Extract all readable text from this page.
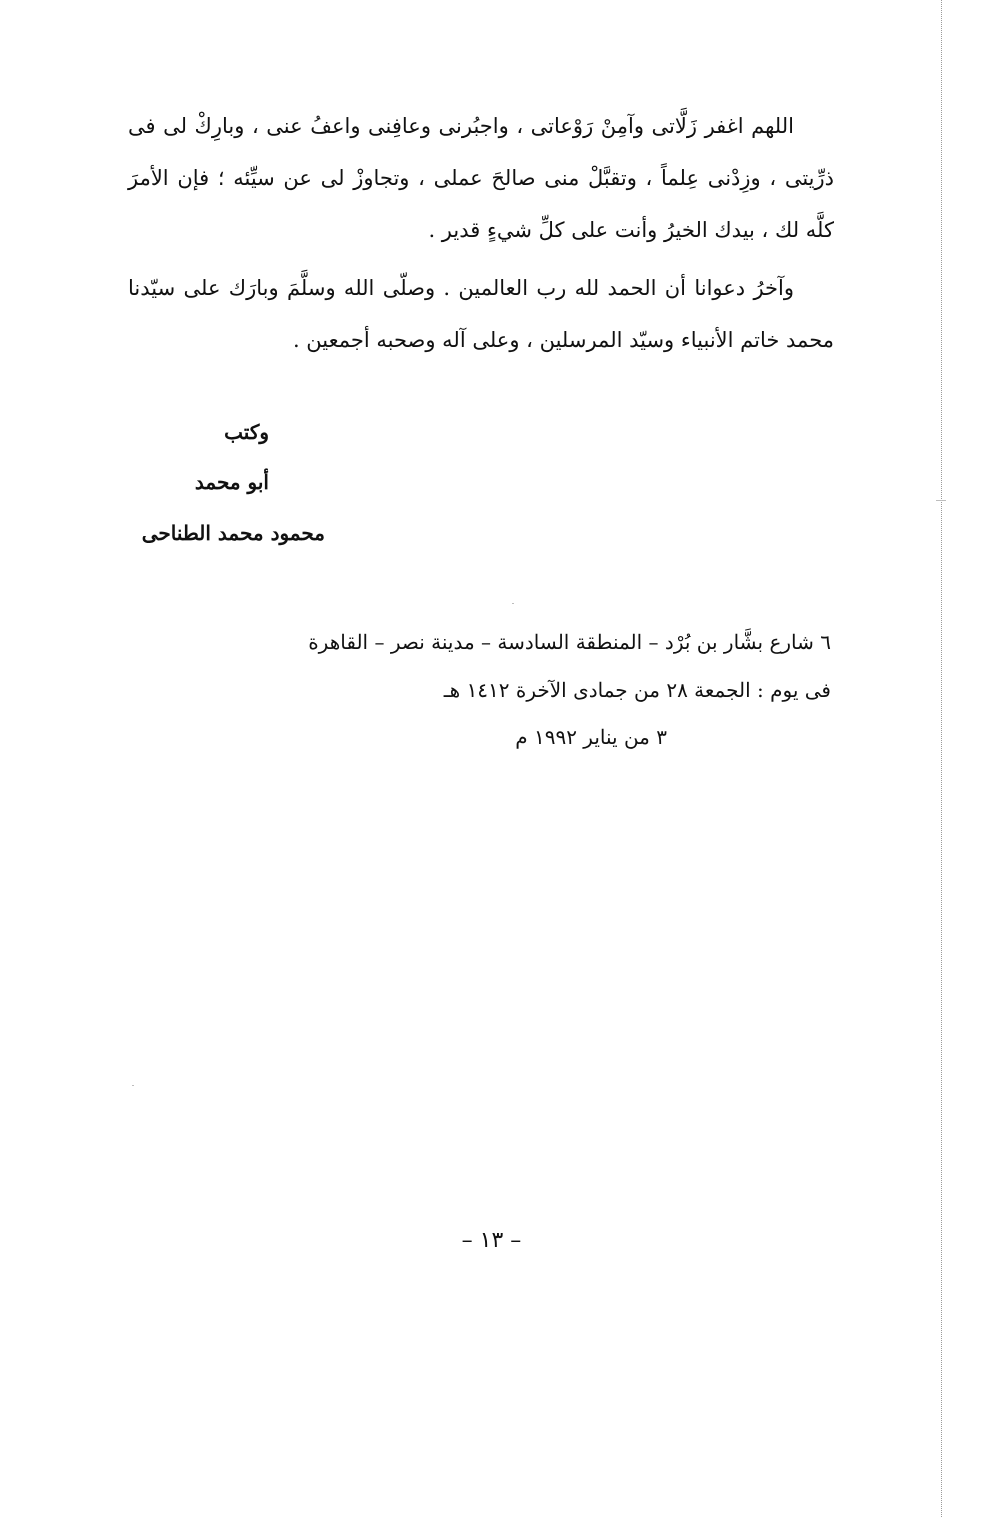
اللهم اغفر زَلَّاتى وآمِنْ رَوْعاتى ، واجبُرنى وعافِنى واعفُ عنى ، وبارِكْ لى فى ذرِّيتى ، وزِدْنى عِلماً ، وتقبَّلْ منى صالحَ عملى ، وتجاوزْ لى عن سيِّئه ؛ فإن الأمرَ كلَّه لك ، بيدك الخيرُ وأنت على كلِّ شيءٍ قدير .

وآخرُ دعوانا أن الحمد لله رب العالمين . وصلّى الله وسلَّمَ وبارَك على سيّدنا محمد خاتم الأنبياء وسيّد المرسلين ، وعلى آله وصحبه أجمعين .

وكتب
أبو محمد
محمود محمد الطناحى
٦ شارع بشَّار بن بُرْد – المنطقة السادسة – مدينة نصر – القاهرة
فى يوم : الجمعة ٢٨ من جمادى الآخرة ١٤١٢ هـ
٣ من يناير ١٩٩٢ م
– ١٣ –
